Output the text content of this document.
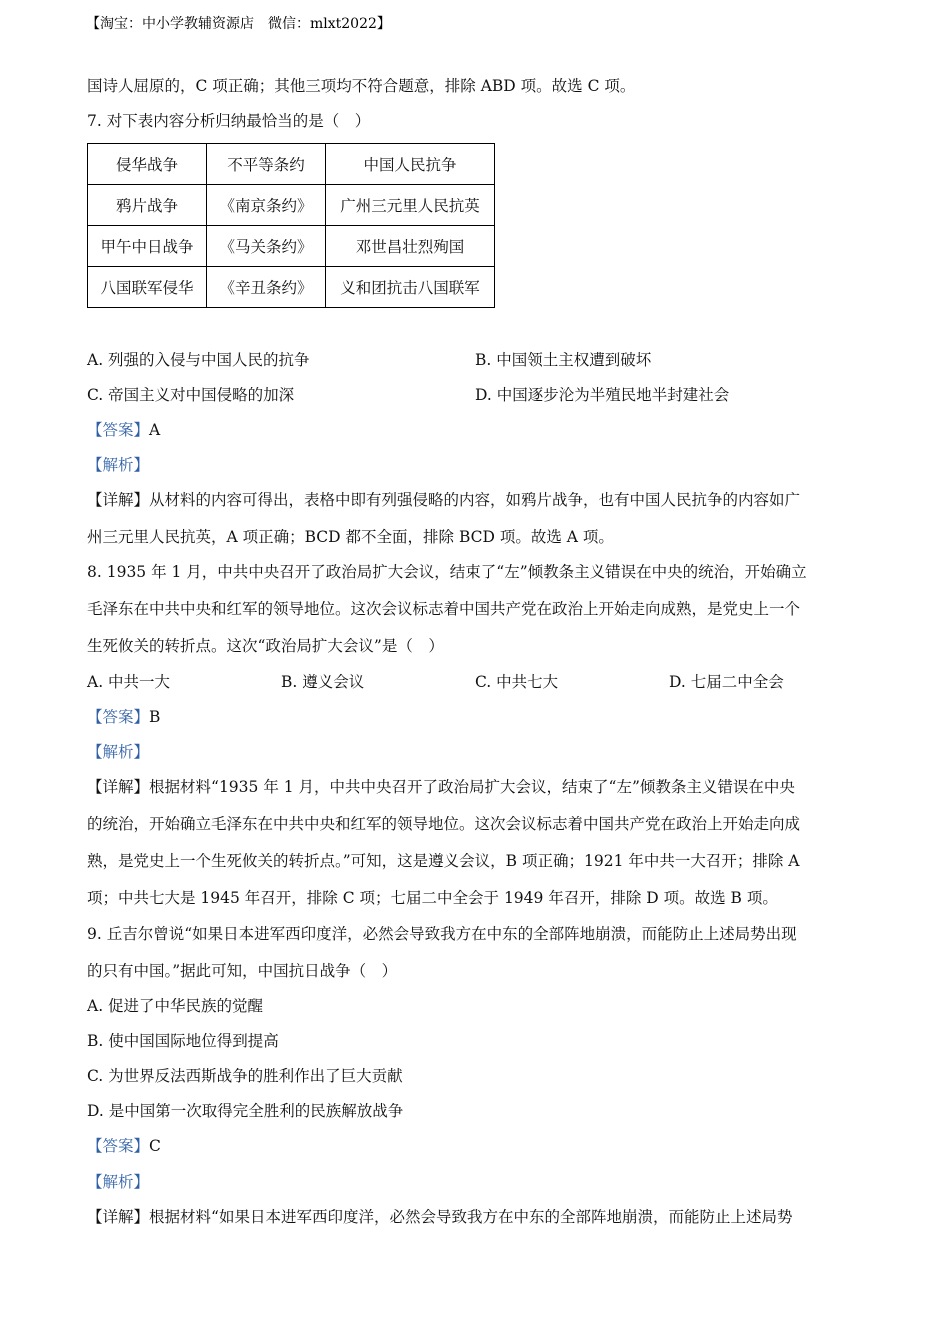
【淘宝：中小学教辅资源店　微信：mlxt2022】
国诗人屈原的，C 项正确；其他三项均不符合题意，排除 ABD 项。故选 C 项。
7. 对下表内容分析归纳最恰当的是（　）
侵华战争	不平等条约	中国人民抗争
鸦片战争	《南京条约》	广州三元里人民抗英
甲午中日战争	《马关条约》	邓世昌壮烈殉国
八国联军侵华	《辛丑条约》	义和团抗击八国联军
A. 列强的入侵与中国人民的抗争	B. 中国领土主权遭到破坏
C. 帝国主义对中国侵略的加深	D. 中国逐步沦为半殖民地半封建社会
【答案】A
【解析】
【详解】从材料的内容可得出，表格中即有列强侵略的内容，如鸦片战争，也有中国人民抗争的内容如广
州三元里人民抗英，A 项正确；BCD 都不全面，排除 BCD 项。故选 A 项。
8. 1935 年 1 月，中共中央召开了政治局扩大会议，结束了“左”倾教条主义错误在中央的统治，开始确立
毛泽东在中共中央和红军的领导地位。这次会议标志着中国共产党在政治上开始走向成熟，是党史上一个
生死攸关的转折点。这次“政治局扩大会议”是（　）
A. 中共一大	B. 遵义会议	C. 中共七大	D. 七届二中全会
【答案】B
【解析】
【详解】根据材料“1935 年 1 月，中共中央召开了政治局扩大会议，结束了“左”倾教条主义错误在中央
的统治，开始确立毛泽东在中共中央和红军的领导地位。这次会议标志着中国共产党在政治上开始走向成
熟，是党史上一个生死攸关的转折点。”可知，这是遵义会议，B 项正确；1921 年中共一大召开；排除 A
项；中共七大是 1945 年召开，排除 C 项；七届二中全会于 1949 年召开，排除 D 项。故选 B 项。
9. 丘吉尔曾说“如果日本进军西印度洋，必然会导致我方在中东的全部阵地崩溃，而能防止上述局势出现
的只有中国。”据此可知，中国抗日战争（　）
A. 促进了中华民族的觉醒
B. 使中国国际地位得到提高
C. 为世界反法西斯战争的胜利作出了巨大贡献
D. 是中国第一次取得完全胜利的民族解放战争
【答案】C
【解析】
【详解】根据材料“如果日本进军西印度洋，必然会导致我方在中东的全部阵地崩溃，而能防止上述局势
